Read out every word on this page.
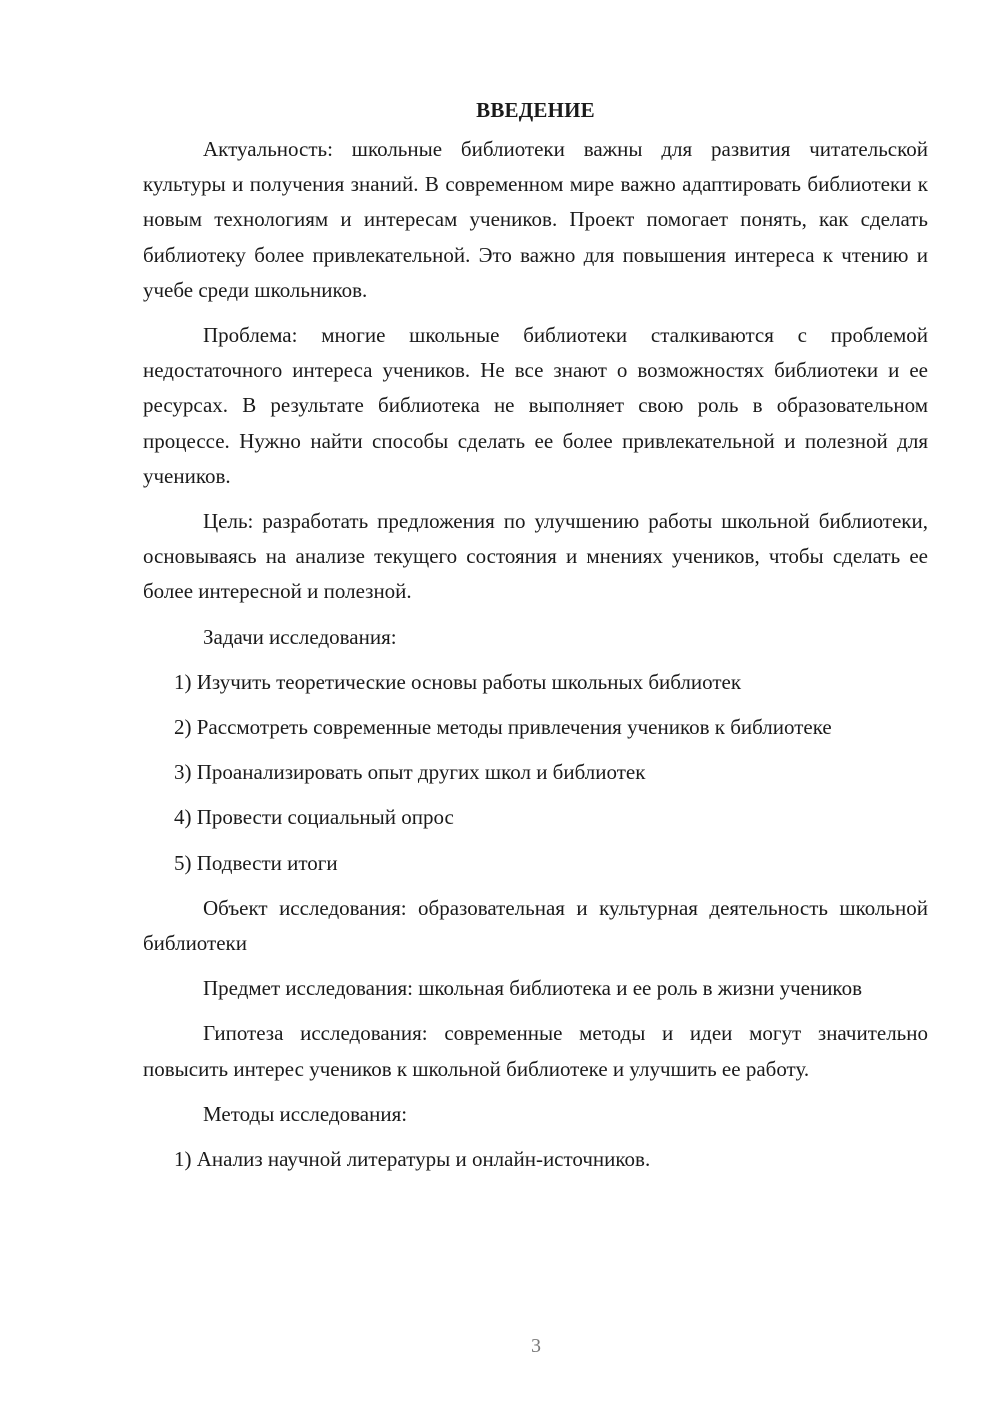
ВВЕДЕНИЕ

Актуальность: школьные библиотеки важны для развития читательской культуры и получения знаний. В современном мире важно адаптировать библиотеки к новым технологиям и интересам учеников. Проект помогает понять, как сделать библиотеку более привлекательной. Это важно для повышения интереса к чтению и учебе среди школьников.

Проблема: многие школьные библиотеки сталкиваются с проблемой недостаточного интереса учеников. Не все знают о возможностях библиотеки и ее ресурсах. В результате библиотека не выполняет свою роль в образовательном процессе. Нужно найти способы сделать ее более привлекательной и полезной для учеников.

Цель: разработать предложения по улучшению работы школьной библиотеки, основываясь на анализе текущего состояния и мнениях учеников, чтобы сделать ее более интересной и полезной.

Задачи исследования:

1) Изучить теоретические основы работы школьных библиотек

2) Рассмотреть современные методы привлечения учеников к библиотеке

3) Проанализировать опыт других школ и библиотек

4) Провести социальный опрос

5) Подвести итоги

Объект исследования: образовательная и культурная деятельность школьной библиотеки

Предмет исследования: школьная библиотека и ее роль в жизни учеников

Гипотеза исследования: современные методы и идеи могут значительно повысить интерес учеников к школьной библиотеке и улучшить ее работу.

Методы исследования:

1) Анализ научной литературы и онлайн-источников.

3
